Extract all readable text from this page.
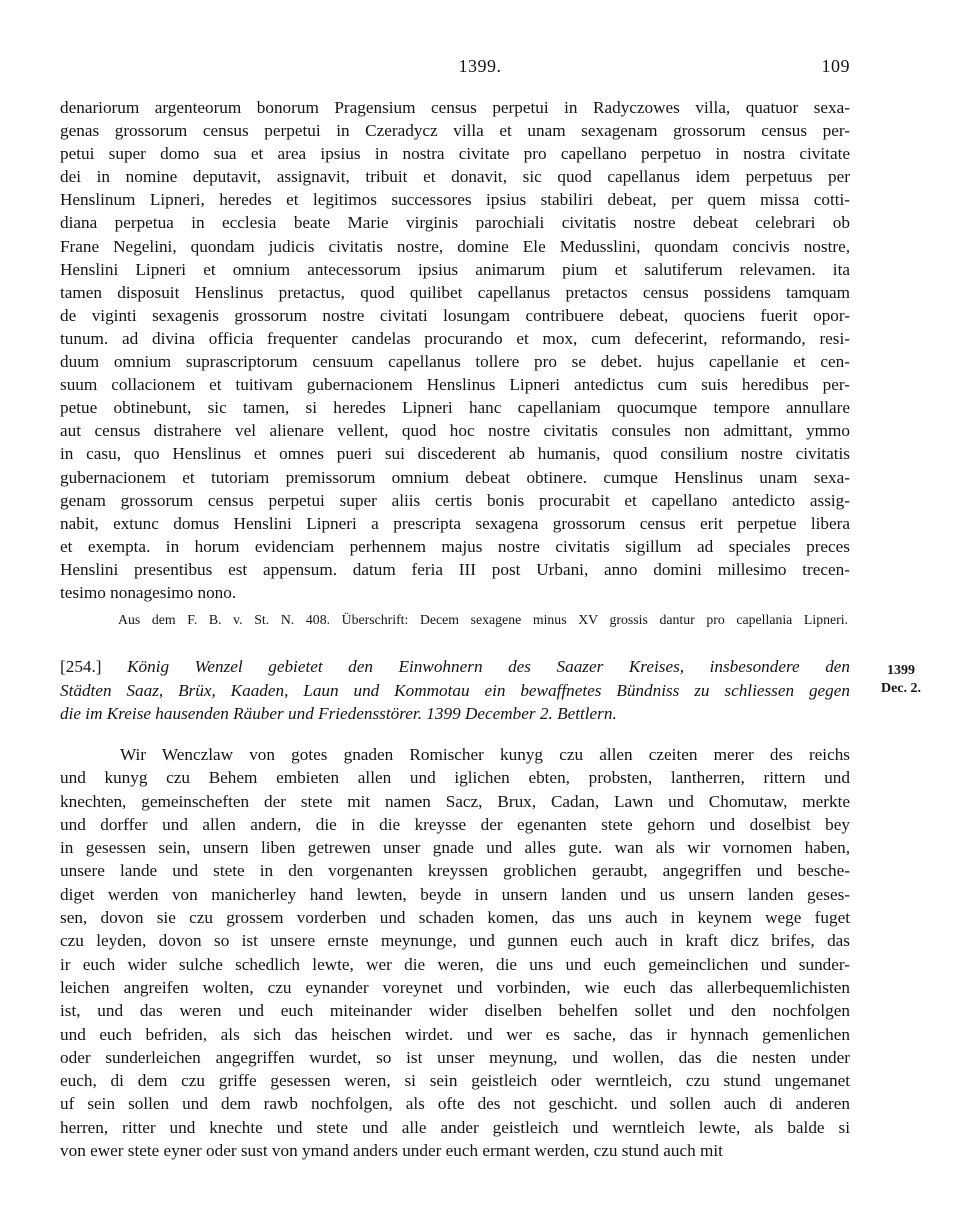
1399.	109
denariorum argenteorum bonorum Pragensium census perpetui in Radyczowes villa, quatuor sexa-
genas grossorum census perpetui in Czeradycz villa et unam sexagenam grossorum census per-
petui super domo sua et area ipsius in nostra civitate pro capellano perpetuo in nostra civitate
dei in nomine deputavit, assignavit, tribuit et donavit, sic quod capellanus idem perpetuus per
Henslinum Lipneri, heredes et legitimos successores ipsius stabiliri debeat, per quem missa cotti-
diana perpetua in ecclesia beate Marie virginis parochiali civitatis nostre debeat celebrari ob
Frane Negelini, quondam judicis civitatis nostre, domine Ele Medusslini, quondam concivis nostre,
Henslini Lipneri et omnium antecessorum ipsius animarum pium et salutiferum relevamen. ita
tamen disposuit Henslinus pretactus, quod quilibet capellanus pretactos census possidens tamquam
de viginti sexagenis grossorum nostre civitati losungam contribuere debeat, quociens fuerit opor-
tunum. ad divina officia frequenter candelas procurando et mox, cum defecerint, reformando, resi-
duum omnium suprascriptorum censuum capellanus tollere pro se debet. hujus capellanie et cen-
suum collacionem et tuitivam gubernacionem Henslinus Lipneri antedictus cum suis heredibus per-
petue obtinebunt, sic tamen, si heredes Lipneri hanc capellaniam quocumque tempore annullare
aut census distrahere vel alienare vellent, quod hoc nostre civitatis consules non admittant, ymmo
in casu, quo Henslinus et omnes pueri sui discederent ab humanis, quod consilium nostre civitatis
gubernacionem et tutoriam premissorum omnium debeat obtinere. cumque Henslinus unam sexa-
genam grossorum census perpetui super aliis certis bonis procurabit et capellano antedicto assig-
nabit, extunc domus Henslini Lipneri a prescripta sexagena grossorum census erit perpetue libera
et exempta. in horum evidenciam perhennem majus nostre civitatis sigillum ad speciales preces
Henslini presentibus est appensum. datum feria III post Urbani, anno domini millesimo trecen-
tesimo nonagesimo nono.
Aus dem F. B. v. St. N. 408. Überschrift: Decem sexagene minus XV grossis dantur pro capellania Lipneri.
[254.] König Wenzel gebietet den Einwohnern des Saazer Kreises, insbesondere den
Städten Saaz, Brüx, Kaaden, Laun und Kommotau ein bewaffnetes Bündniss zu schliessen gegen
die im Kreise hausenden Räuber und Friedensstörer. 1399 December 2. Bettlern.
1399
Dec. 2.
Wir Wenczlaw von gotes gnaden Romischer kunyg czu allen czeiten merer des reichs
und kunyg czu Behem embieten allen und iglichen ebten, probsten, lantherren, rittern und
knechten, gemeinscheften der stete mit namen Sacz, Brux, Cadan, Lawn und Chomutaw, merkte
und dorffer und allen andern, die in die kreysse der egenanten stete gehorn und doselbist bey
in gesessen sein, unsern liben getrewen unser gnade und alles gute. wan als wir vornomen haben,
unsere lande und stete in den vorgenanten kreyssen groblichen geraubt, angegriffen und besche-
diget werden von manicherley hand lewten, beyde in unsern landen und us unsern landen geses-
sen, dovon sie czu grossem vorderben und schaden komen, das uns auch in keynem wege fuget
czu leyden, dovon so ist unsere ernste meynunge, und gunnen euch auch in kraft dicz brifes, das
ir euch wider sulche schedlich lewte, wer die weren, die uns und euch gemeinclichen und sunder-
leichen angreifen wolten, czu eynander voreynet und vorbinden, wie euch das allerbequemlichisten
ist, und das weren und euch miteinander wider diselben behelfen sollet und den nochfolgen
und euch befriden, als sich das heischen wirdet. und wer es sache, das ir hynnach gemenlichen
oder sunderleichen angegriffen wurdet, so ist unser meynung, und wollen, das die nesten under
euch, di dem czu griffe gesessen weren, si sein geistleich oder werntleich, czu stund ungemanet
uf sein sollen und dem rawb nochfolgen, als ofte des not geschicht. und sollen auch di anderen
herren, ritter und knechte und stete und alle ander geistleich und werntleich lewte, als balde si
von ewer stete eyner oder sust von ymand anders under euch ermant werden, czu stund auch mit
